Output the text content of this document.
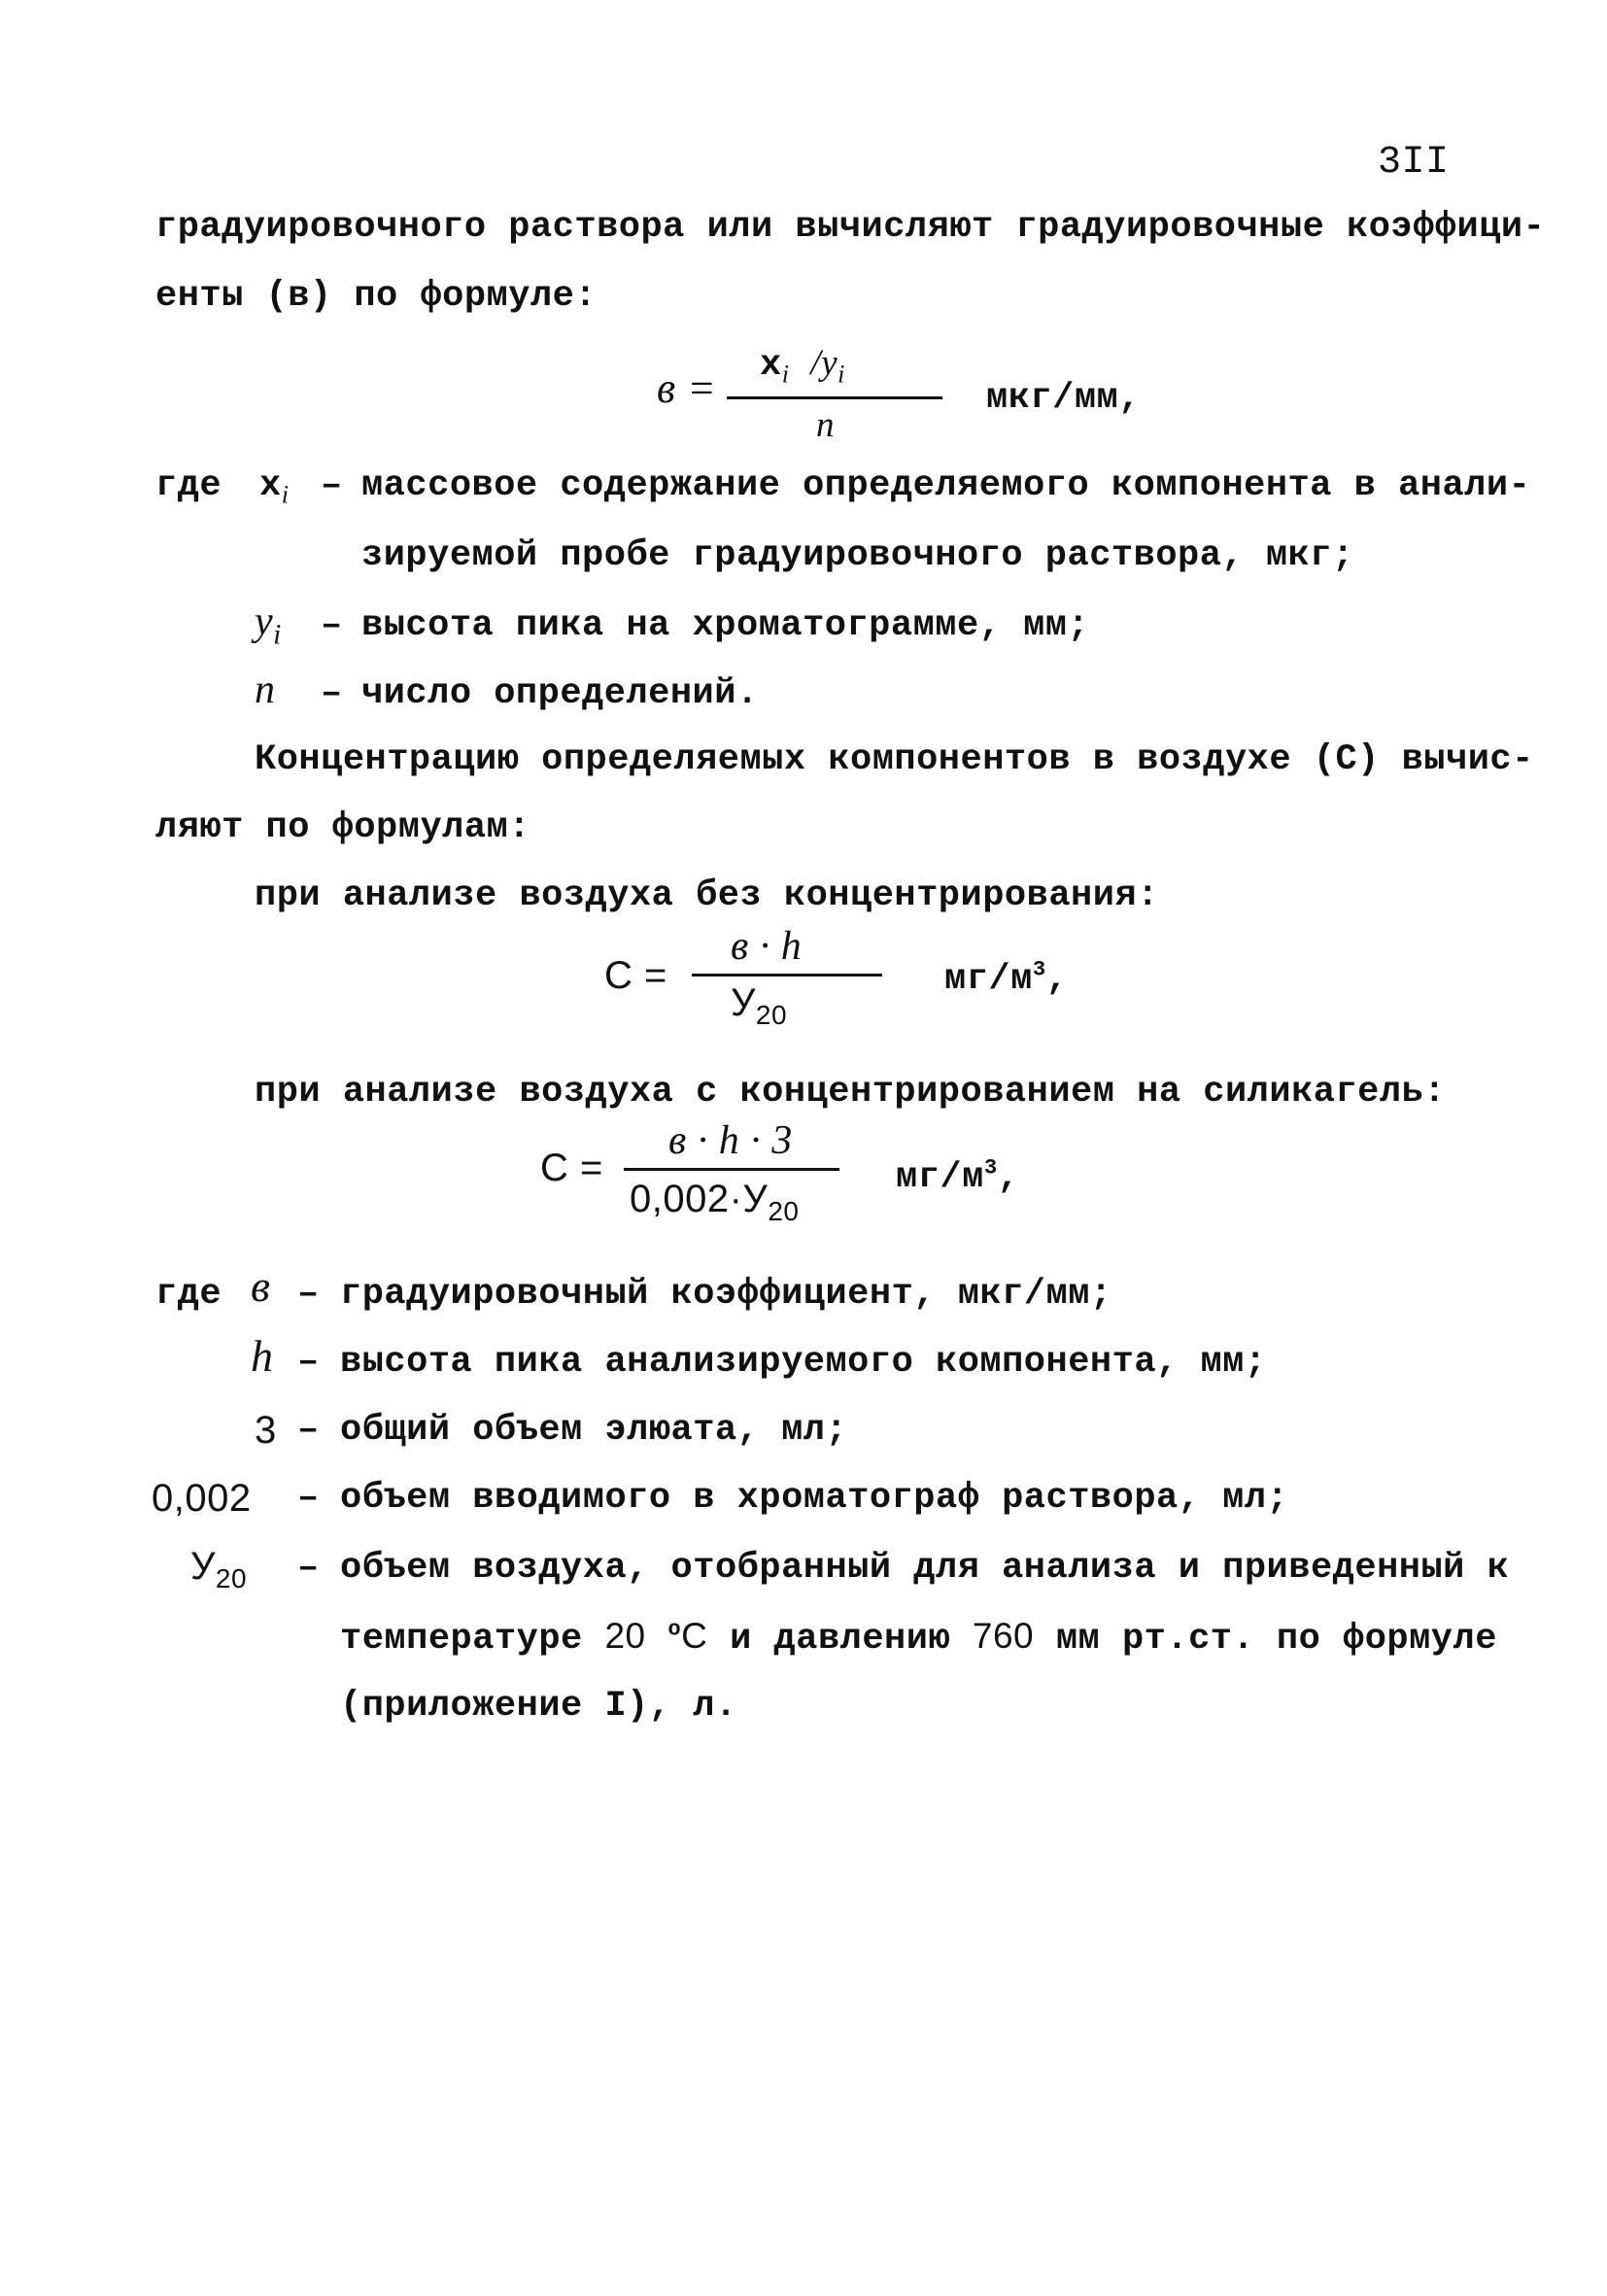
3II
градуировочного раствора или вычисляют градуировочные коэффици-
енты (в) по формуле:
$в = x_i$ $/y_i$
n
мкг/мм,
где $x_i$ – массовое содержание определяемого компонента в анали-
зируемой пробе градуировочного раствора, мкг;
$y_i$ – высота пика на хроматограмме, мм;
n – число определений.
Концентрацию определяемых компонентов в воздухе (С) вычис-
ляют по формулам:
при анализе воздуха без концентрирования:
С =
в · h
$У_{20}$
$мг/м^3$,
при анализе воздуха с концентрированием на силикагель:
С =
в · h · 3
$0,002\cdot У_{20}$
$мг/м^3$,
где в – градуировочный коэффициент, мкг/мм;
h – высота пика анализируемого компонента, мм;
3 – общий объем элюата, мл;
0,002 – объем вводимого в хроматограф раствора, мл;
$У_{20}$ – объем воздуха, отобранный для анализа и приведенный к
температуре 20 $^о$С и давлению 760 мм рт.ст. по формуле
(приложение I), л.
